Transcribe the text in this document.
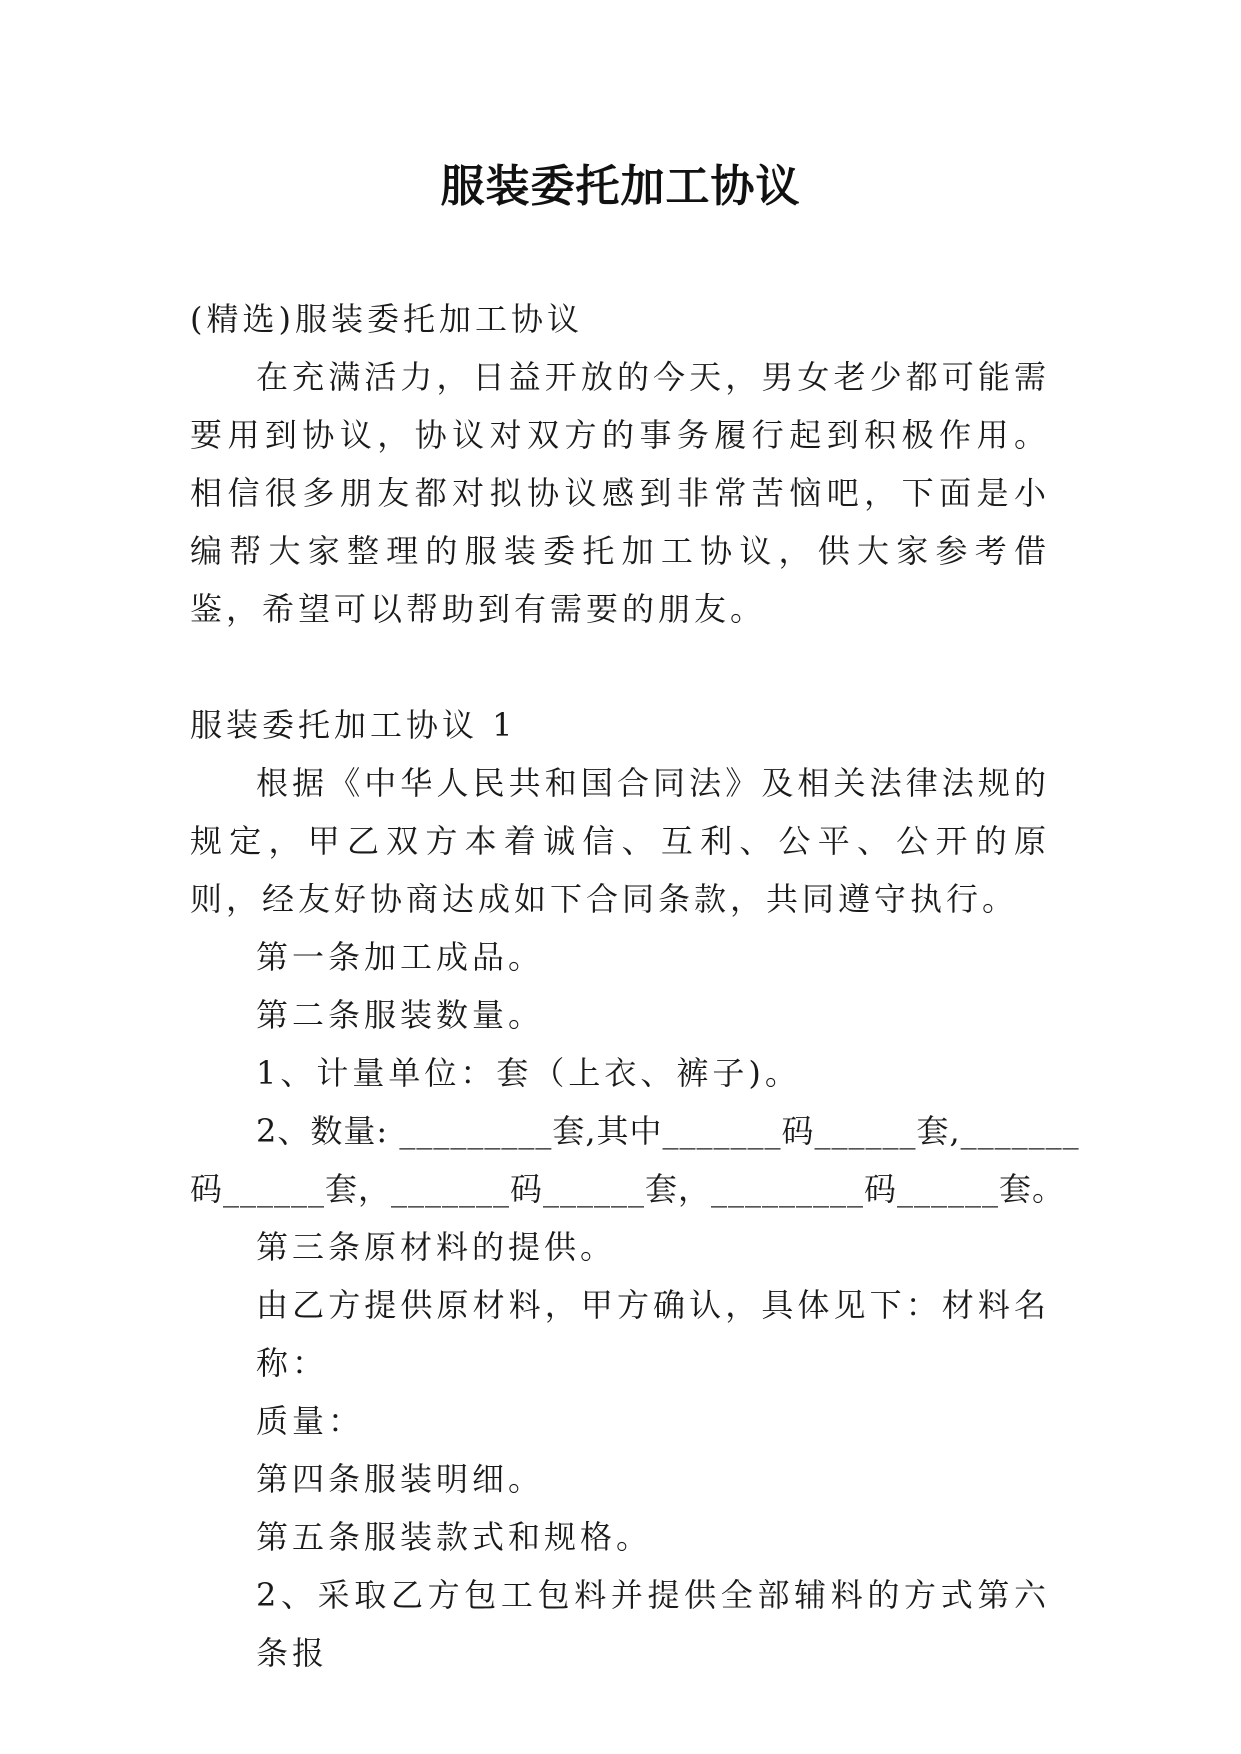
服装委托加工协议

(精选)服装委托加工协议

在充满活力，日益开放的今天，男女老少都可能需要用到协议，协议对双方的事务履行起到积极作用。相信很多朋友都对拟协议感到非常苦恼吧，下面是小编帮大家整理的服装委托加工协议，供大家参考借鉴，希望可以帮助到有需要的朋友。

服装委托加工协议 1

根据《中华人民共和国合同法》及相关法律法规的规定，甲乙双方本着诚信、互利、公平、公开的原则，经友好协商达成如下合同条款，共同遵守执行。

第一条加工成品。

第二条服装数量。

1、计量单位：套（上衣、裤子)。

2、数量: _________套,其中_______码______套,_______

码______套，_______码______套，_________码______套。

第三条原材料的提供。

由乙方提供原材料，甲方确认，具体见下：材料名称：

质量：

第四条服装明细。

第五条服装款式和规格。

2、采取乙方包工包料并提供全部辅料的方式第六条报
